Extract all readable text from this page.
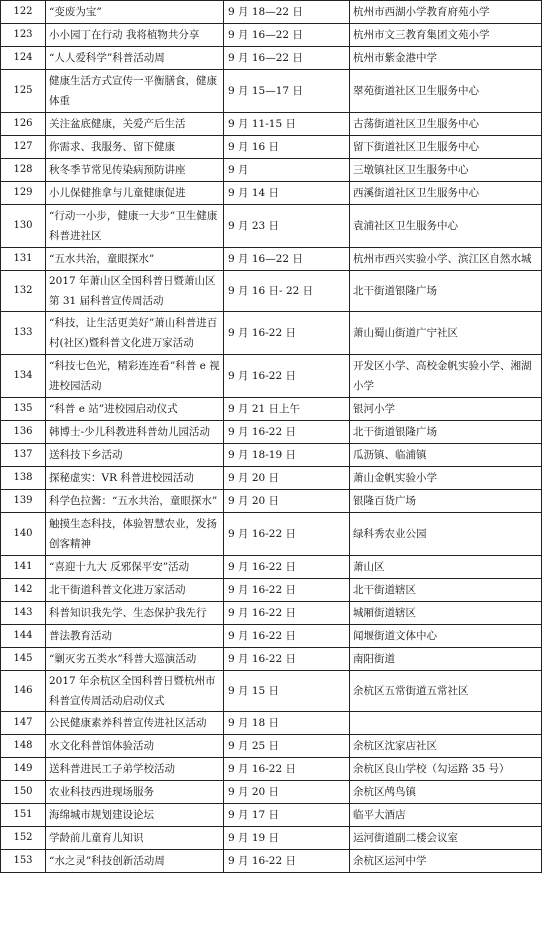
122	“变废为宝”	9 月 18—22 日	杭州市西湖小学教育府苑小学
123	小小园丁在行动 我将植物共分享	9 月 16—22 日	杭州市文三教育集团文苑小学
124	“人人爱科学”科普活动周	9 月 16—22 日	杭州市紫金港中学
125	健康生活方式宣传一平衡膳食，健康体重	9 月 15—17 日	翠苑街道社区卫生服务中心
126	关注盆底健康，关爱产后生活	9 月 11-15 日	古荡街道社区卫生服务中心
127	你需求、我服务、留下健康	9 月 16 日	留下街道社区卫生服务中心
128	秋冬季节常见传染病预防讲座	9 月	三墩镇社区卫生服务中心
129	小儿保健推拿与儿童健康促进	9 月 14 日	西溪街道社区卫生服务中心
130	“行动一小步，健康一大步”卫生健康科普进社区	9 月 23 日	袁浦社区卫生服务中心
131	“五水共治，童眼探水”	9 月 16—22 日	杭州市西兴实验小学、滨江区自然水城
132	2017 年萧山区全国科普日暨萧山区第 31 届科普宣传周活动	9 月 16 日- 22 日	北干街道银隆广场
133	“科技，让生活更美好”萧山科普进百村(社区)暨科普文化进万家活动	9 月 16-22 日	萧山蜀山街道广宁社区
134	“科技七色光，精彩连连看”科普 e 视进校园活动	9 月 16-22 日	开发区小学、高校金帆实验小学、湘湖小学
135	“科普 e 站”进校园启动仪式	9 月 21 日上午	银河小学
136	韩博士-少儿科教进科普幼儿园活动	9 月 16-22 日	北干街道银隆广场
137	送科技下乡活动	9 月 18-19 日	瓜沥镇、临浦镇
138	探秘虚实：VR 科普进校园活动	9 月 20 日	萧山金帆实验小学
139	科学色拉酱：“五水共治，童眼探水”	9 月 20 日	银隆百货广场
140	触摸生态科技，体验智慧农业，发扬创客精神	9 月 16-22 日	绿科秀农业公园
141	“喜迎十九大 反邪保平安”活动	9 月 16-22 日	萧山区
142	北干街道科普文化进万家活动	9 月 16-22 日	北干街道辖区
143	科普知识我先学、生态保护我先行	9 月 16-22 日	城厢街道辖区
144	普法教育活动	9 月 16-22 日	闻堰街道文体中心
145	“剿灭劣五类水”科普大巡演活动	9 月 16-22 日	南阳街道
146	2017 年余杭区全国科普日暨杭州市科普宣传周活动启动仪式	9 月 15 日	余杭区五常街道五常社区
147	公民健康素养科普宣传进社区活动	9 月 18 日	
148	水文化科普馆体验活动	9 月 25 日	余杭区沈家店社区
149	送科普进民工子弟学校活动	9 月 16-22 日	余杭区良山学校（勾运路 35 号）
150	农业科技西进现场服务	9 月 20 日	余杭区鸬鸟镇
151	海绵城市规划建设论坛	9 月 17 日	临平大酒店
152	学龄前儿童育儿知识	9 月 19 日	运河街道副二楼会议室
153	“水之灵”科技创新活动周	9 月 16-22 日	余杭区运河中学
